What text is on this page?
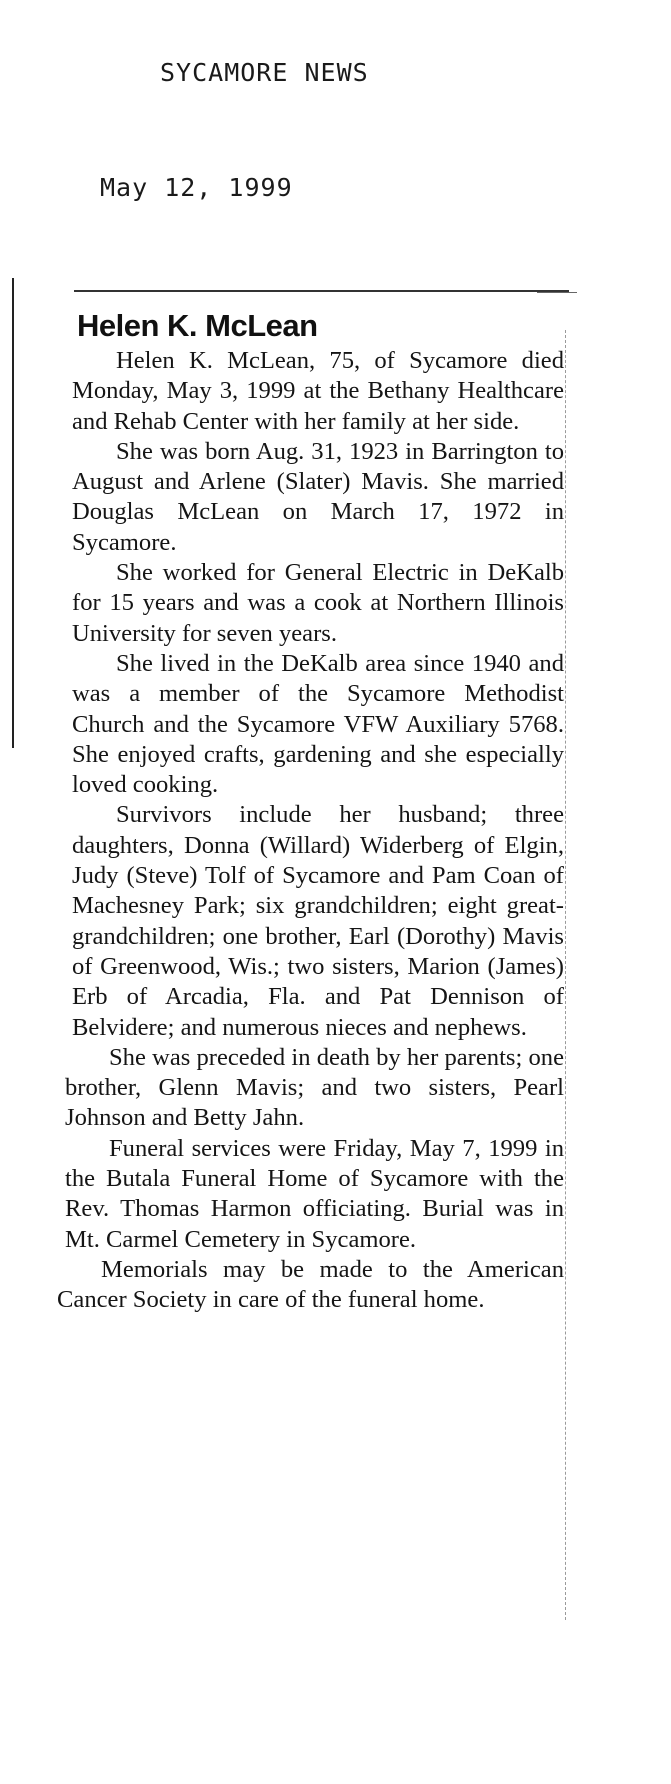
SYCAMORE NEWS
May 12, 1999
Helen K. McLean

Helen K. McLean, 75, of Sycamore died Monday, May 3, 1999 at the Bethany Healthcare and Rehab Center with her family at her side.

She was born Aug. 31, 1923 in Barrington to August and Arlene (Slater) Mavis. She married Douglas McLean on March 17, 1972 in Sycamore.

She worked for General Electric in DeKalb for 15 years and was a cook at Northern Illinois University for seven years.

She lived in the DeKalb area since 1940 and was a member of the Sycamore Methodist Church and the Sycamore VFW Auxiliary 5768. She enjoyed crafts, gardening and she especially loved cooking.

Survivors include her husband; three daughters, Donna (Willard) Widerberg of Elgin, Judy (Steve) Tolf of Sycamore and Pam Coan of Machesney Park; six grandchildren; eight great-grandchildren; one brother, Earl (Dorothy) Mavis of Greenwood, Wis.; two sisters, Marion (James) Erb of Arcadia, Fla. and Pat Dennison of Belvidere; and numerous nieces and nephews.

She was preceded in death by her parents; one brother, Glenn Mavis; and two sisters, Pearl Johnson and Betty Jahn.

Funeral services were Friday, May 7, 1999 in the Butala Funeral Home of Sycamore with the Rev. Thomas Harmon officiating. Burial was in Mt. Carmel Cemetery in Sycamore.

Memorials may be made to the American Cancer Society in care of the funeral home.
